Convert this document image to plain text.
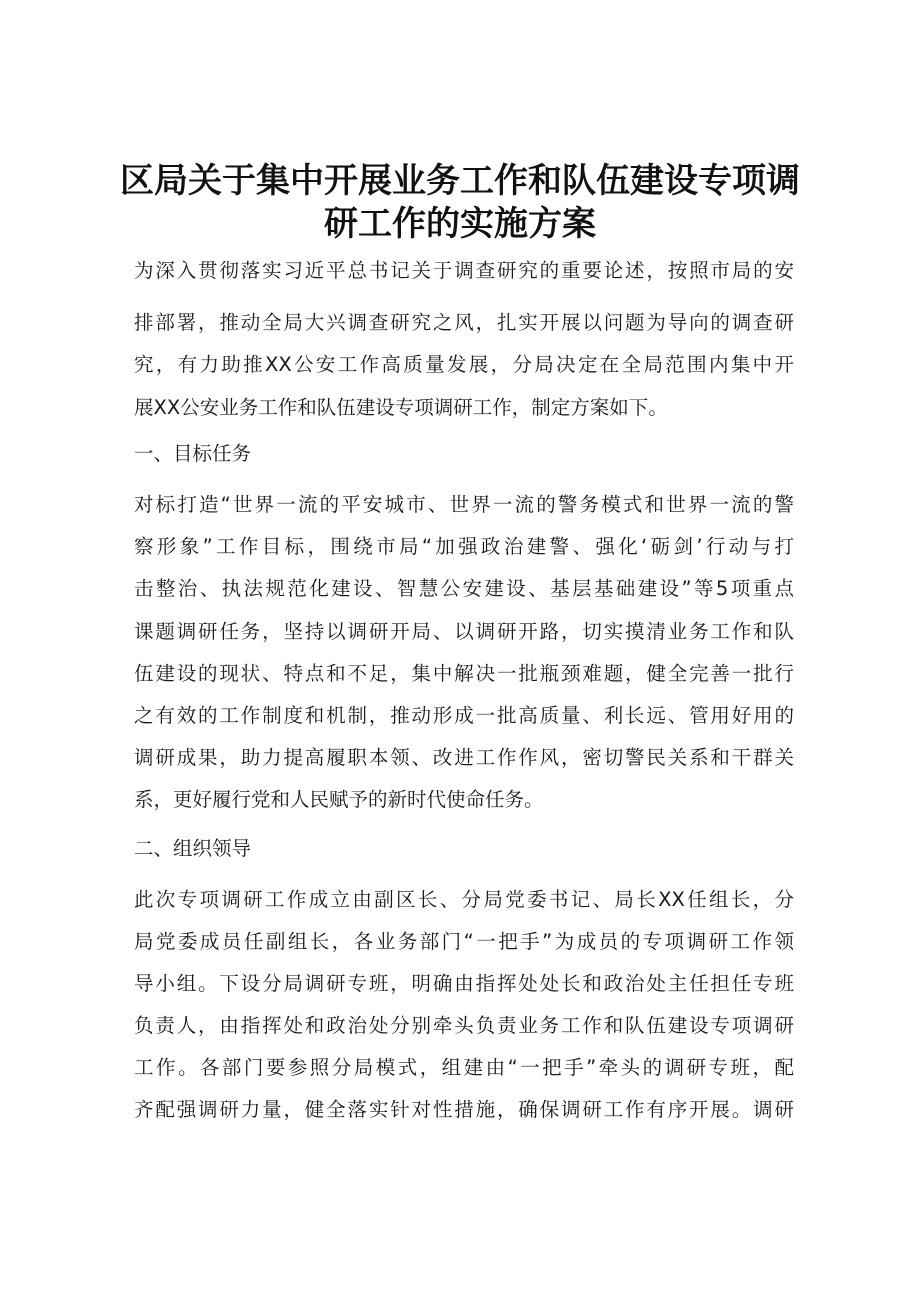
区局关于集中开展业务工作和队伍建设专项调
研工作的实施方案
为深入贯彻落实习近平总书记关于调查研究的重要论述，按照市局的安
排部署，推动全局大兴调查研究之风，扎实开展以问题为导向的调查研
究，有力助推XX公安工作高质量发展，分局决定在全局范围内集中开
展XX公安业务工作和队伍建设专项调研工作，制定方案如下。
一、目标任务
对标打造“世界一流的平安城市、世界一流的警务模式和世界一流的警
察形象”工作目标，围绕市局“加强政治建警、强化‘砺剑’行动与打
击整治、执法规范化建设、智慧公安建设、基层基础建设”等5项重点
课题调研任务，坚持以调研开局、以调研开路，切实摸清业务工作和队
伍建设的现状、特点和不足，集中解决一批瓶颈难题，健全完善一批行
之有效的工作制度和机制，推动形成一批高质量、利长远、管用好用的
调研成果，助力提高履职本领、改进工作作风，密切警民关系和干群关
系，更好履行党和人民赋予的新时代使命任务。
二、组织领导
此次专项调研工作成立由副区长、分局党委书记、局长XX任组长，分
局党委成员任副组长，各业务部门“一把手”为成员的专项调研工作领
导小组。下设分局调研专班，明确由指挥处处长和政治处主任担任专班
负责人，由指挥处和政治处分别牵头负责业务工作和队伍建设专项调研
工作。各部门要参照分局模式，组建由“一把手”牵头的调研专班，配
齐配强调研力量，健全落实针对性措施，确保调研工作有序开展。调研
